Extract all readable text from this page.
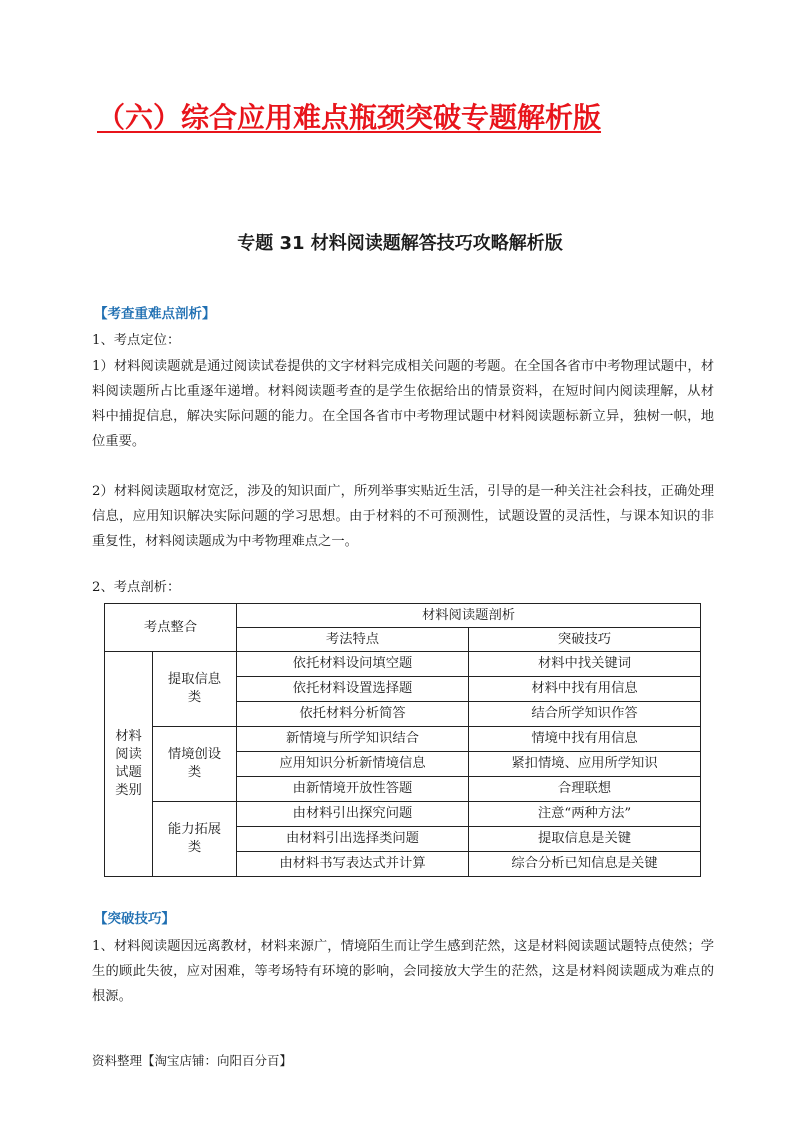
（六）综合应用难点瓶颈突破专题解析版
专题 31 材料阅读题解答技巧攻略解析版

【考查重难点剖析】

1、考点定位：

1）材料阅读题就是通过阅读试卷提供的文字材料完成相关问题的考题。在全国各省市中考物理试题中，材料阅读题所占比重逐年递增。材料阅读题考查的是学生依据给出的情景资料，在短时间内阅读理解，从材料中捕捉信息，解决实际问题的能力。在全国各省市中考物理试题中材料阅读题标新立异，独树一帜，地位重要。

2）材料阅读题取材宽泛，涉及的知识面广，所列举事实贴近生活，引导的是一种关注社会科技，正确处理信息，应用知识解决实际问题的学习思想。由于材料的不可预测性，试题设置的灵活性，与课本知识的非重复性，材料阅读题成为中考物理难点之一。

2、考点剖析：

考点整合		材料阅读题剖析	
		考法特点	突破技巧
材料阅读试题类别	提取信息类	依托材料设问填空题	材料中找关键词
		依托材料设置选择题	材料中找有用信息
		依托材料分析简答	结合所学知识作答
	情境创设类	新情境与所学知识结合	情境中找有用信息
		应用知识分析新情境信息	紧扣情境、应用所学知识
		由新情境开放性答题	合理联想
	能力拓展类	由材料引出探究问题	注意“两种方法”
		由材料引出选择类问题	提取信息是关键
		由材料书写表达式并计算	综合分析已知信息是关键

【突破技巧】

1、材料阅读题因远离教材，材料来源广，情境陌生而让学生感到茫然，这是材料阅读题试题特点使然；学生的顾此失彼，应对困难，等考场特有环境的影响，会同接放大学生的茫然，这是材料阅读题成为难点的根源。

资料整理【淘宝店铺：向阳百分百】
